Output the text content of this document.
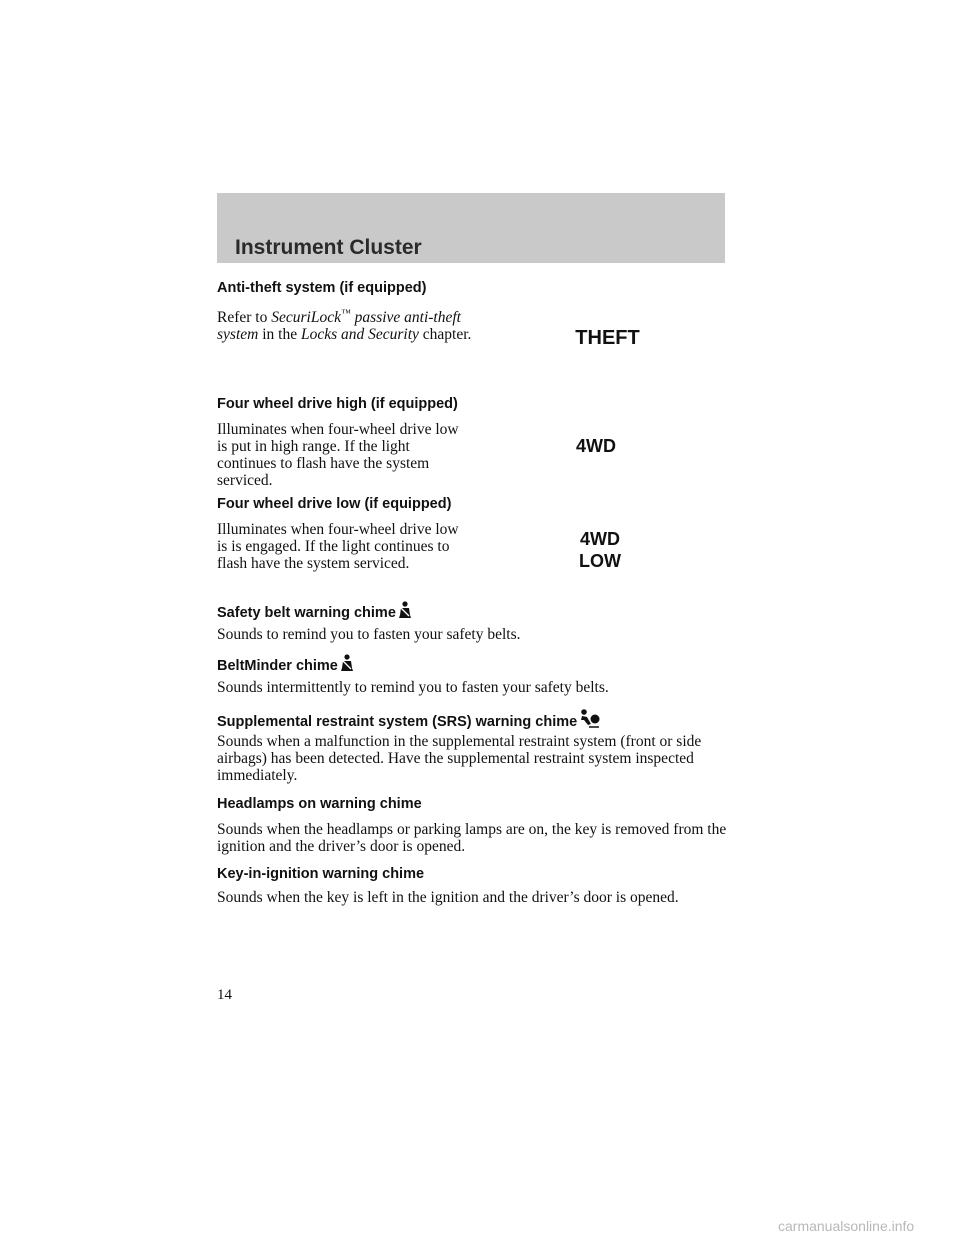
Instrument Cluster
Anti-theft system (if equipped)
Refer to SecuriLock™ passive anti-theft system in the Locks and Security chapter.	THEFT
Four wheel drive high (if equipped)
Illuminates when four-wheel drive low is put in high range. If the light continues to flash have the system serviced.
4WD
Four wheel drive low (if equipped)
Illuminates when four-wheel drive low is is engaged. If the light continues to flash have the system serviced.
4WD
LOW
Safety belt warning chime
Sounds to remind you to fasten your safety belts.
BeltMinder chime
Sounds intermittently to remind you to fasten your safety belts.
Supplemental restraint system (SRS) warning chime
Sounds when a malfunction in the supplemental restraint system (front or side airbags) has been detected. Have the supplemental restraint system inspected immediately.
Headlamps on warning chime
Sounds when the headlamps or parking lamps are on, the key is removed from the ignition and the driver’s door is opened.
Key-in-ignition warning chime
Sounds when the key is left in the ignition and the driver’s door is opened.
14
carmanualsonline.info
